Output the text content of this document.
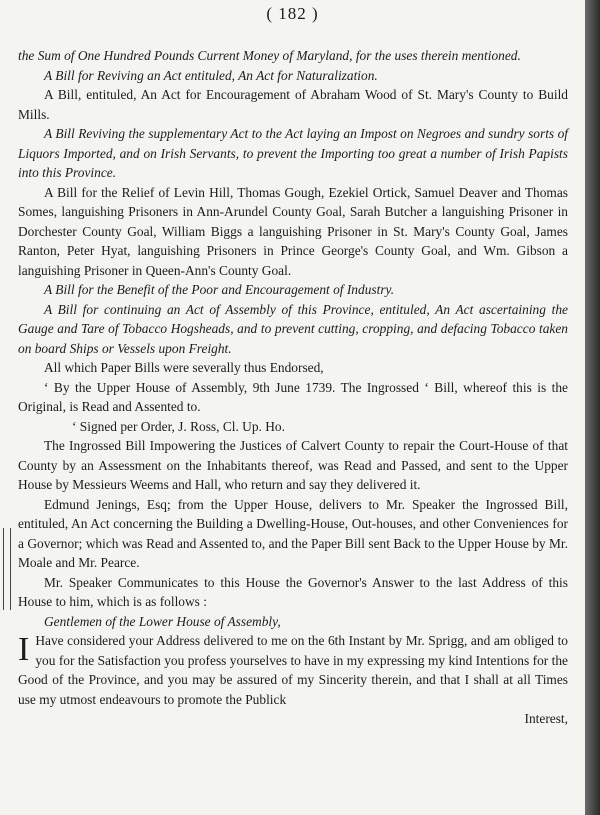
( 182 )

the Sum of One Hundred Pounds Current Money of Maryland, for the uses therein mentioned.

A Bill for Reviving an Act entituled, An Act for Naturalization.

A Bill, entituled, An Act for Encouragement of Abraham Wood of St. Mary's County to Build Mills.

A Bill Reviving the supplementary Act to the Act laying an Impost on Negroes and sundry sorts of Liquors Imported, and on Irish Servants, to prevent the Importing too great a number of Irish Papists into this Province.

A Bill for the Relief of Levin Hill, Thomas Gough, Ezekiel Ortick, Samuel Deaver and Thomas Somes, languishing Prisoners in Ann-Arundel County Goal, Sarah Butcher a languishing Prisoner in Dorchester County Goal, William Biggs a languishing Prisoner in St. Mary's County Goal, James Ranton, Peter Hyat, languishing Prisoners in Prince George's County Goal, and Wm. Gibson a languishing Prisoner in Queen-Ann's County Goal.

A Bill for the Benefit of the Poor and Encouragement of Industry.

A Bill for continuing an Act of Assembly of this Province, entituled, An Act ascertaining the Gauge and Tare of Tobacco Hogsheads, and to prevent cutting, cropping, and defacing Tobacco taken on board Ships or Vessels upon Freight.

All which Paper Bills were severally thus Endorsed,

‘ By the Upper House of Assembly, 9th June 1739. The Ingrossed ‘ Bill, whereof this is the Original, is Read and Assented to.

‘ Signed per Order, J. Ross, Cl. Up. Ho.

The Ingrossed Bill Impowering the Justices of Calvert County to repair the Court-House of that County by an Assessment on the Inhabitants thereof, was Read and Passed, and sent to the Upper House by Messieurs Weems and Hall, who return and say they delivered it.

Edmund Jenings, Esq; from the Upper House, delivers to Mr. Speaker the Ingrossed Bill, entituled, An Act concerning the Building a Dwelling-House, Out-houses, and other Conveniences for a Governor; which was Read and Assented to, and the Paper Bill sent Back to the Upper House by Mr. Moale and Mr. Pearce.

Mr. Speaker Communicates to this House the Governor's Answer to the last Address of this House to him, which is as follows :

Gentlemen of the Lower House of Assembly,

I Have considered your Address delivered to me on the 6th Instant by Mr. Sprigg, and am obliged to you for the Satisfaction you profess yourselves to have in my expressing my kind Intentions for the Good of the Province, and you may be assured of my Sincerity therein, and that I shall at all Times use my utmost endeavours to promote the Publick

Interest,
